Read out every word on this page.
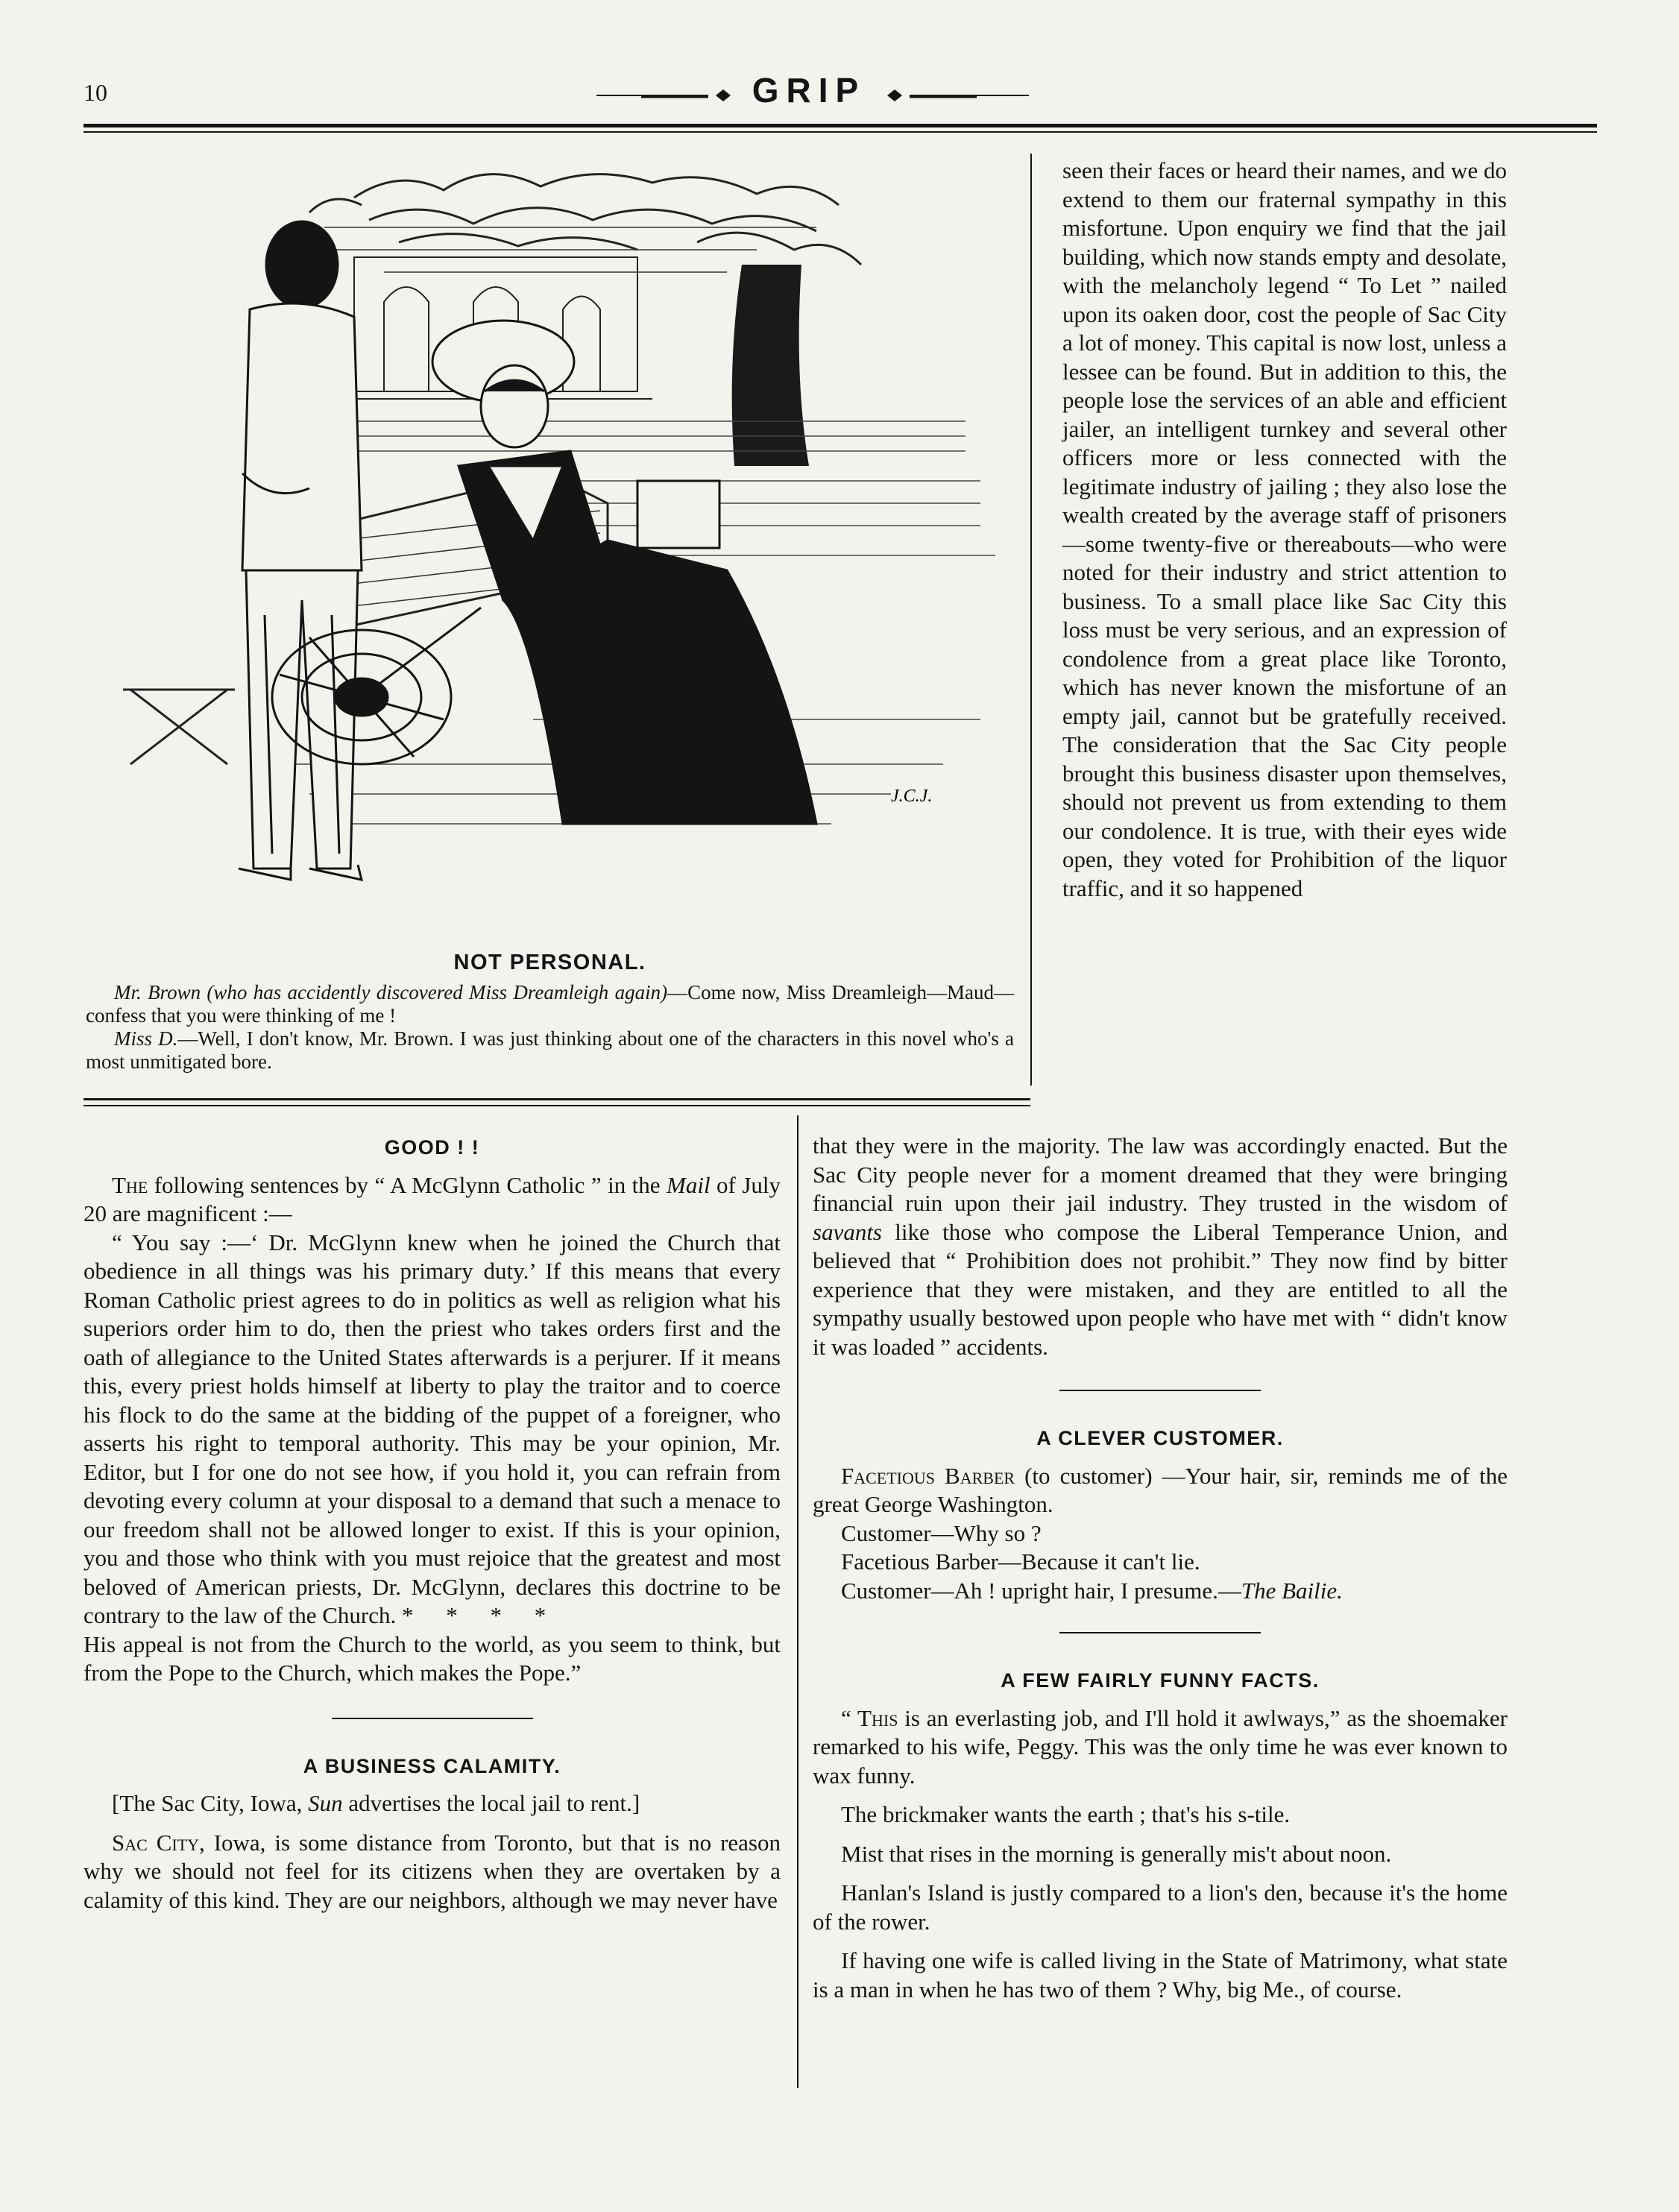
10	GRIP
J.C.J.
NOT PERSONAL.

Mr. Brown (who has accidently discovered Miss Dreamleigh again)—Come now, Miss Dreamleigh—Maud—confess that you were thinking of me !

Miss D.—Well, I don't know, Mr. Brown. I was just thinking about one of the characters in this novel who's a most unmitigated bore.

seen their faces or heard their names, and we do extend to them our fraternal sympathy in this misfortune. Upon enquiry we find that the jail building, which now stands empty and desolate, with the melancholy legend “ To Let ” nailed upon its oaken door, cost the people of Sac City a lot of money. This capital is now lost, unless a lessee can be found. But in addition to this, the people lose the services of an able and efficient jailer, an intelligent turnkey and several other officers more or less connected with the legitimate industry of jailing ; they also lose the wealth created by the average staff of prisoners—some twenty-five or thereabouts—who were noted for their industry and strict attention to business. To a small place like Sac City this loss must be very serious, and an expression of condolence from a great place like Toronto, which has never known the misfortune of an empty jail, cannot but be gratefully received. The consideration that the Sac City people brought this business disaster upon themselves, should not prevent us from extending to them our condolence. It is true, with their eyes wide open, they voted for Prohibition of the liquor traffic, and it so happened

that they were in the majority. The law was accordingly enacted. But the Sac City people never for a moment dreamed that they were bringing financial ruin upon their jail industry. They trusted in the wisdom of savants like those who compose the Liberal Temperance Union, and believed that “ Prohibition does not prohibit.” They now find by bitter experience that they were mistaken, and they are entitled to all the sympathy usually bestowed upon people who have met with “ didn't know it was loaded ” accidents.

A CLEVER CUSTOMER.

Facetious Barber (to customer) —Your hair, sir, reminds me of the great George Washington.

Customer—Why so ?

Facetious Barber—Because it can't lie.

Customer—Ah ! upright hair, I presume.—The Bailie.

A FEW FAIRLY FUNNY FACTS.

“ This is an everlasting job, and I'll hold it awlways,” as the shoemaker remarked to his wife, Peggy. This was the only time he was ever known to wax funny.

The brickmaker wants the earth ; that's his s-tile.

Mist that rises in the morning is generally mis't about noon.

Hanlan's Island is justly compared to a lion's den, because it's the home of the rower.

If having one wife is called living in the State of Matrimony, what state is a man in when he has two of them ? Why, big Me., of course.

GOOD ! !

The following sentences by “ A McGlynn Catholic ” in the Mail of July 20 are magnificent :—

“ You say :—‘ Dr. McGlynn knew when he joined the Church that obedience in all things was his primary duty.’ If this means that every Roman Catholic priest agrees to do in politics as well as religion what his superiors order him to do, then the priest who takes orders first and the oath of allegiance to the United States afterwards is a perjurer. If it means this, every priest holds himself at liberty to play the traitor and to coerce his flock to do the same at the bidding of the puppet of a foreigner, who asserts his right to temporal authority. This may be your opinion, Mr. Editor, but I for one do not see how, if you hold it, you can refrain from devoting every column at your disposal to a demand that such a menace to our freedom shall not be allowed longer to exist. If this is your opinion, you and those who think with you must rejoice that the greatest and most beloved of American priests, Dr. McGlynn, declares this doctrine to be contrary to the law of the Church. * * * *

His appeal is not from the Church to the world, as you seem to think, but from the Pope to the Church, which makes the Pope.”

A BUSINESS CALAMITY.

[The Sac City, Iowa, Sun advertises the local jail to rent.]

Sac City, Iowa, is some distance from Toronto, but that is no reason why we should not feel for its citizens when they are overtaken by a calamity of this kind. They are our neighbors, although we may never have
